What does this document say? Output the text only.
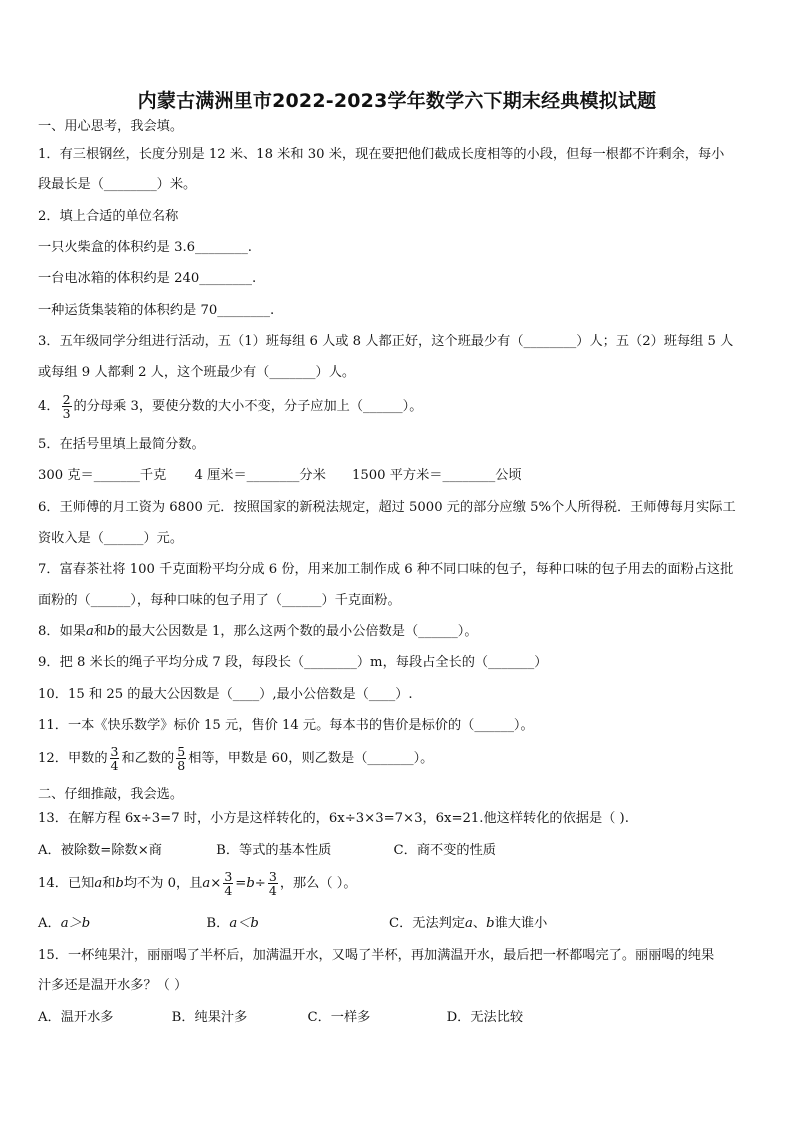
内蒙古满洲里市2022-2023学年数学六下期末经典模拟试题
一、用心思考，我会填。
1．有三根钢丝，长度分别是 12 米、18 米和 30 米，现在要把他们截成长度相等的小段，但每一根都不许剩余，每小
段最长是（________）米。
2．填上合适的单位名称
一只火柴盒的体积约是 3.6________.
一台电冰箱的体积约是 240________.
一种运货集装箱的体积约是 70________.
3．五年级同学分组进行活动，五（1）班每组 6 人或 8 人都正好，这个班最少有（________）人；五（2）班每组 5 人
或每组 9 人都剩 2 人，这个班最少有（_______）人。
4． $\frac{2}{3}$ 的分母乘 3，要使分数的大小不变，分子应加上（______）。
5．在括号里填上最简分数。
300 克＝_______千克 4 厘米＝________分米 1500 平方米＝________公顷
6．王师傅的月工资为 6800 元．按照国家的新税法规定，超过 5000 元的部分应缴 5%个人所得税．王师傅每月实际工
资收入是（______）元。
7．富春茶社将 100 千克面粉平均分成 6 份，用来加工制作成 6 种不同口味的包子，每种口味的包子用去的面粉占这批
面粉的（______），每种口味的包子用了（______）千克面粉。
8．如果a和b的最大公因数是 1，那么这两个数的最小公倍数是（______）。
9．把 8 米长的绳子平均分成 7 段，每段长（________）m，每段占全长的（_______）
10．15 和 25 的最大公因数是（____）,最小公倍数是（____）.
11．一本《快乐数学》标价 15 元，售价 14 元。每本书的售价是标价的（______）。
12．甲数的 $\frac{3}{4}$ 和乙数的 $\frac{5}{8}$ 相等，甲数是 60，则乙数是（_______）。
二、仔细推敲，我会选。
13．在解方程 6x÷3=7 时，小方是这样转化的，6x÷3×3=7×3，6x=21.他这样转化的依据是（ ).
A．被除数=除数×商	B．等式的基本性质	C．商不变的性质
14．已知a和b均不为 0，且$a\times \frac{3}{4} =b\div \frac{3}{4}$ ，那么（ ）。
A．a＞b	B．a＜b	C．无法判定a、b谁大谁小
15．一杯纯果汁，丽丽喝了半杯后，加满温开水，又喝了半杯，再加满温开水，最后把一杯都喝完了。丽丽喝的纯果
汁多还是温开水多？（ ）
A．温开水多	B．纯果汁多	C．一样多	D．无法比较
